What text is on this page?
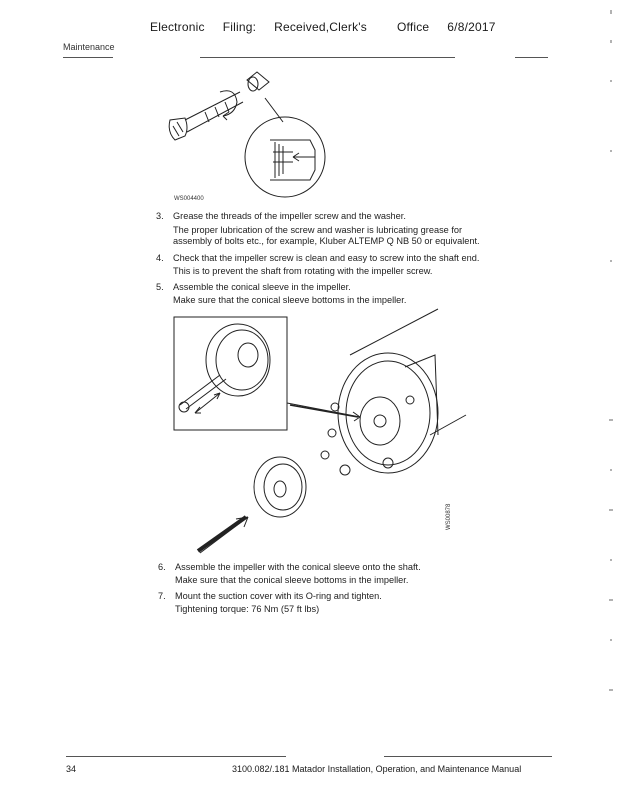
Electronic Filing: Received,Clerk's	Office 6/8/2017
Maintenance
WS004400
3. Grease the threads of the impeller screw and the washer.
The proper lubrication of the screw and washer is lubricating grease for
assembly of bolts etc., for example, Kluber ALTEMP Q NB 50 or equivalent.
4. Check that the impeller screw is clean and easy to screw into the shaft end.
This is to prevent the shaft from rotating with the impeller screw.
5. Assemble the conical sleeve in the impeller.
Make sure that the conical sleeve bottoms in the impeller.
WS00878
6. Assemble the impeller with the conical sleeve onto the shaft.
Make sure that the conical sleeve bottoms in the impeller.
7. Mount the suction cover with its O-ring and tighten.
Tightening torque: 76 Nm (57 ft lbs)
34	3100.082/.181 Matador Installation, Operation, and Maintenance Manual
